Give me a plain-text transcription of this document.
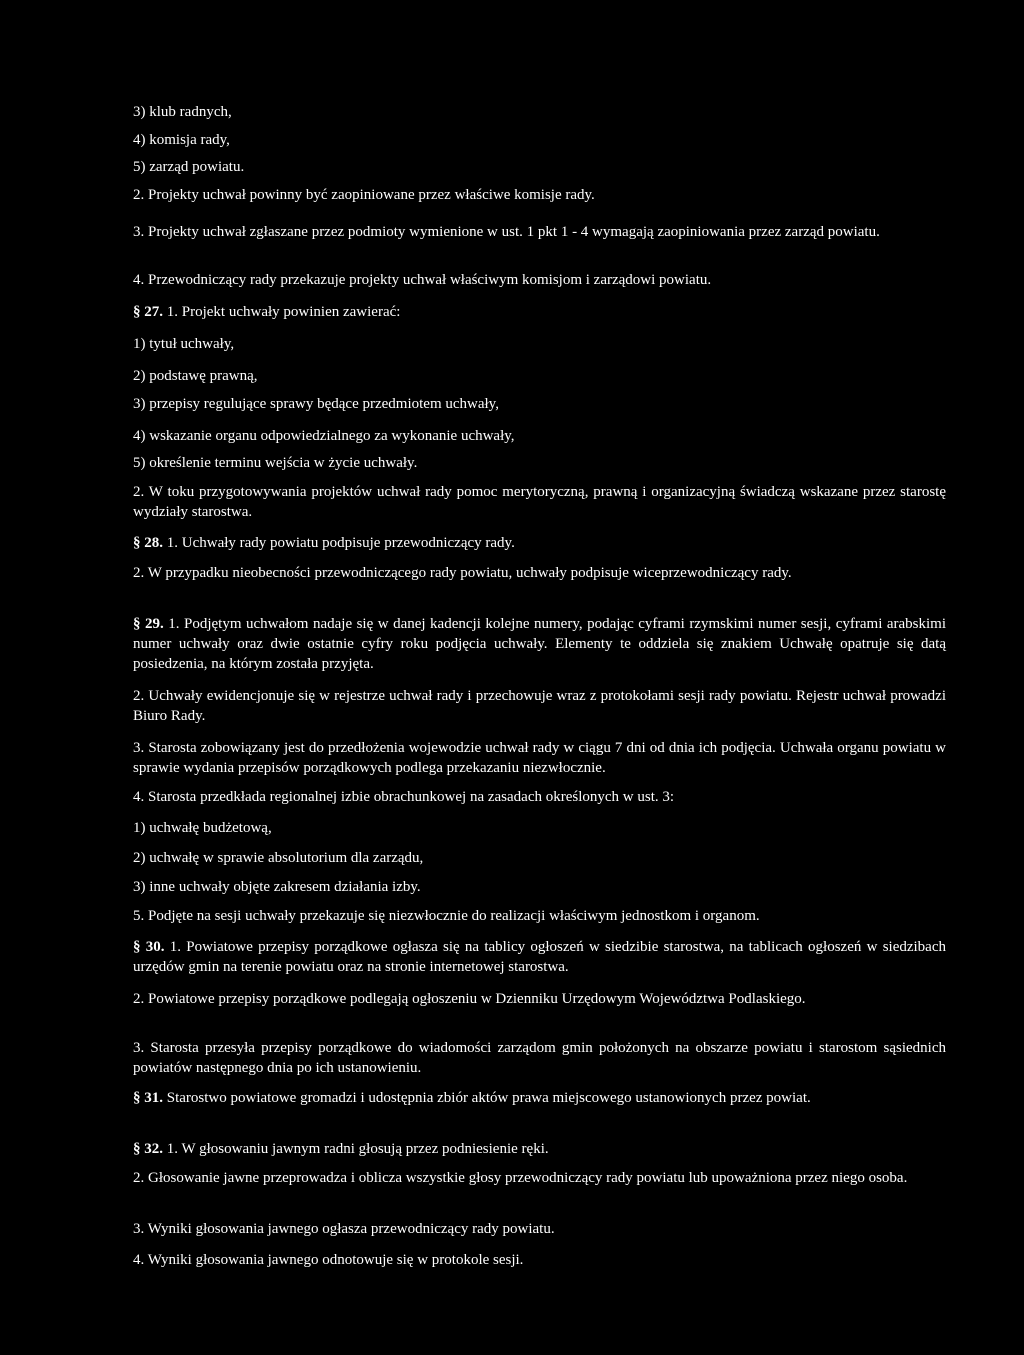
3) klub radnych,

4) komisja rady,

5) zarząd powiatu.

2. Projekty uchwał powinny być zaopiniowane przez właściwe komisje rady.

3. Projekty uchwał zgłaszane przez podmioty wymienione w ust. 1 pkt 1 - 4 wymagają zaopiniowania przez zarząd powiatu.

4. Przewodniczący rady przekazuje projekty uchwał właściwym komisjom i zarządowi powiatu.

§ 27. 1. Projekt uchwały powinien zawierać:

1) tytuł uchwały,

2) podstawę prawną,

3) przepisy regulujące sprawy będące przedmiotem uchwały,

4) wskazanie organu odpowiedzialnego za wykonanie uchwały,

5) określenie terminu wejścia w życie uchwały.

2. W toku przygotowywania projektów uchwał rady pomoc merytoryczną, prawną i organizacyjną świadczą wskazane przez starostę wydziały starostwa.

§ 28. 1. Uchwały rady powiatu podpisuje przewodniczący rady.

2. W przypadku nieobecności przewodniczącego rady powiatu, uchwały podpisuje wiceprzewodniczący rady.

§ 29. 1. Podjętym uchwałom nadaje się w danej kadencji kolejne numery, podając cyframi rzymskimi numer sesji, cyframi arabskimi numer uchwały oraz dwie ostatnie cyfry roku podjęcia uchwały. Elementy te oddziela się znakiem Uchwałę opatruje się datą posiedzenia, na którym została przyjęta.

2. Uchwały ewidencjonuje się w rejestrze uchwał rady i przechowuje wraz z protokołami sesji rady powiatu. Rejestr uchwał prowadzi Biuro Rady.

3. Starosta zobowiązany jest do przedłożenia wojewodzie uchwał rady w ciągu 7 dni od dnia ich podjęcia. Uchwała organu powiatu w sprawie wydania przepisów porządkowych podlega przekazaniu niezwłocznie.

4. Starosta przedkłada regionalnej izbie obrachunkowej na zasadach określonych w ust. 3:

1) uchwałę budżetową,

2) uchwałę w sprawie absolutorium dla zarządu,

3) inne uchwały objęte zakresem działania izby.

5. Podjęte na sesji uchwały przekazuje się niezwłocznie do realizacji właściwym jednostkom i organom.

§ 30. 1. Powiatowe przepisy porządkowe ogłasza się na tablicy ogłoszeń w siedzibie starostwa, na tablicach ogłoszeń w siedzibach urzędów gmin na terenie powiatu oraz na stronie internetowej starostwa.

2. Powiatowe przepisy porządkowe podlegają ogłoszeniu w Dzienniku Urzędowym Województwa Podlaskiego.

3. Starosta przesyła przepisy porządkowe do wiadomości zarządom gmin położonych na obszarze powiatu i starostom sąsiednich powiatów następnego dnia po ich ustanowieniu.

§ 31. Starostwo powiatowe gromadzi i udostępnia zbiór aktów prawa miejscowego ustanowionych przez powiat.

§ 32. 1. W głosowaniu jawnym radni głosują przez podniesienie ręki.

2. Głosowanie jawne przeprowadza i oblicza wszystkie głosy przewodniczący rady powiatu lub upoważniona przez niego osoba.

3. Wyniki głosowania jawnego ogłasza przewodniczący rady powiatu.

4. Wyniki głosowania jawnego odnotowuje się w protokole sesji.
